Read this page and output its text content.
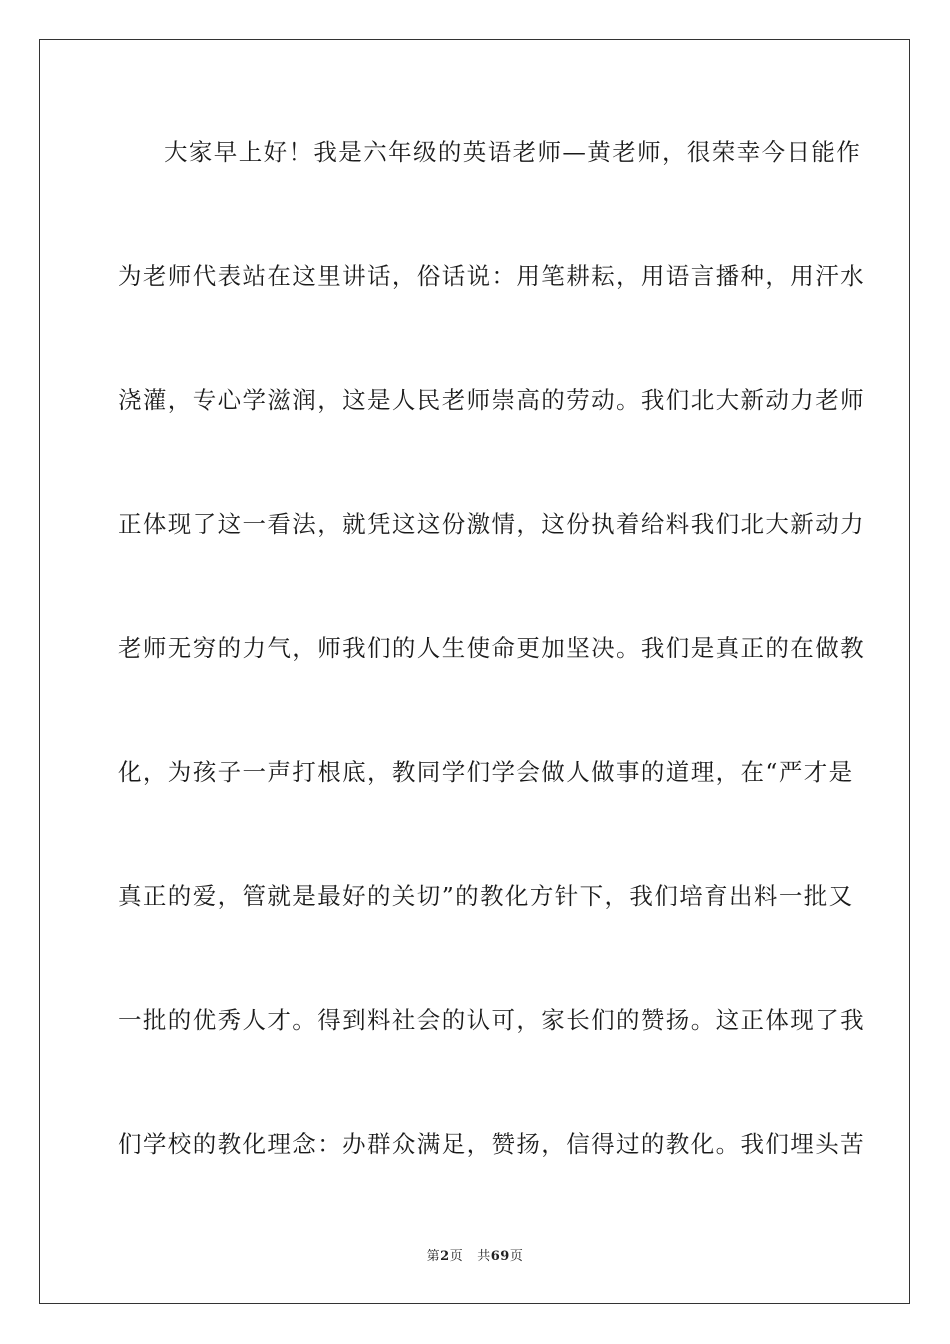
大家早上好！我是六年级的英语老师—黄老师，很荣幸今日能作
为老师代表站在这里讲话，俗话说：用笔耕耘，用语言播种，用汗水
浇灌，专心学滋润，这是人民老师崇高的劳动。我们北大新动力老师
正体现了这一看法，就凭这这份激情，这份执着给料我们北大新动力
老师无穷的力气，师我们的人生使命更加坚决。我们是真正的在做教
化，为孩子一声打根底，教同学们学会做人做事的道理，在“严才是
真正的爱，管就是最好的关切”的教化方针下，我们培育出料一批又
一批的优秀人才。得到料社会的认可，家长们的赞扬。这正体现了我
们学校的教化理念：办群众满足，赞扬，信得过的教化。我们埋头苦
第2页 共69页
